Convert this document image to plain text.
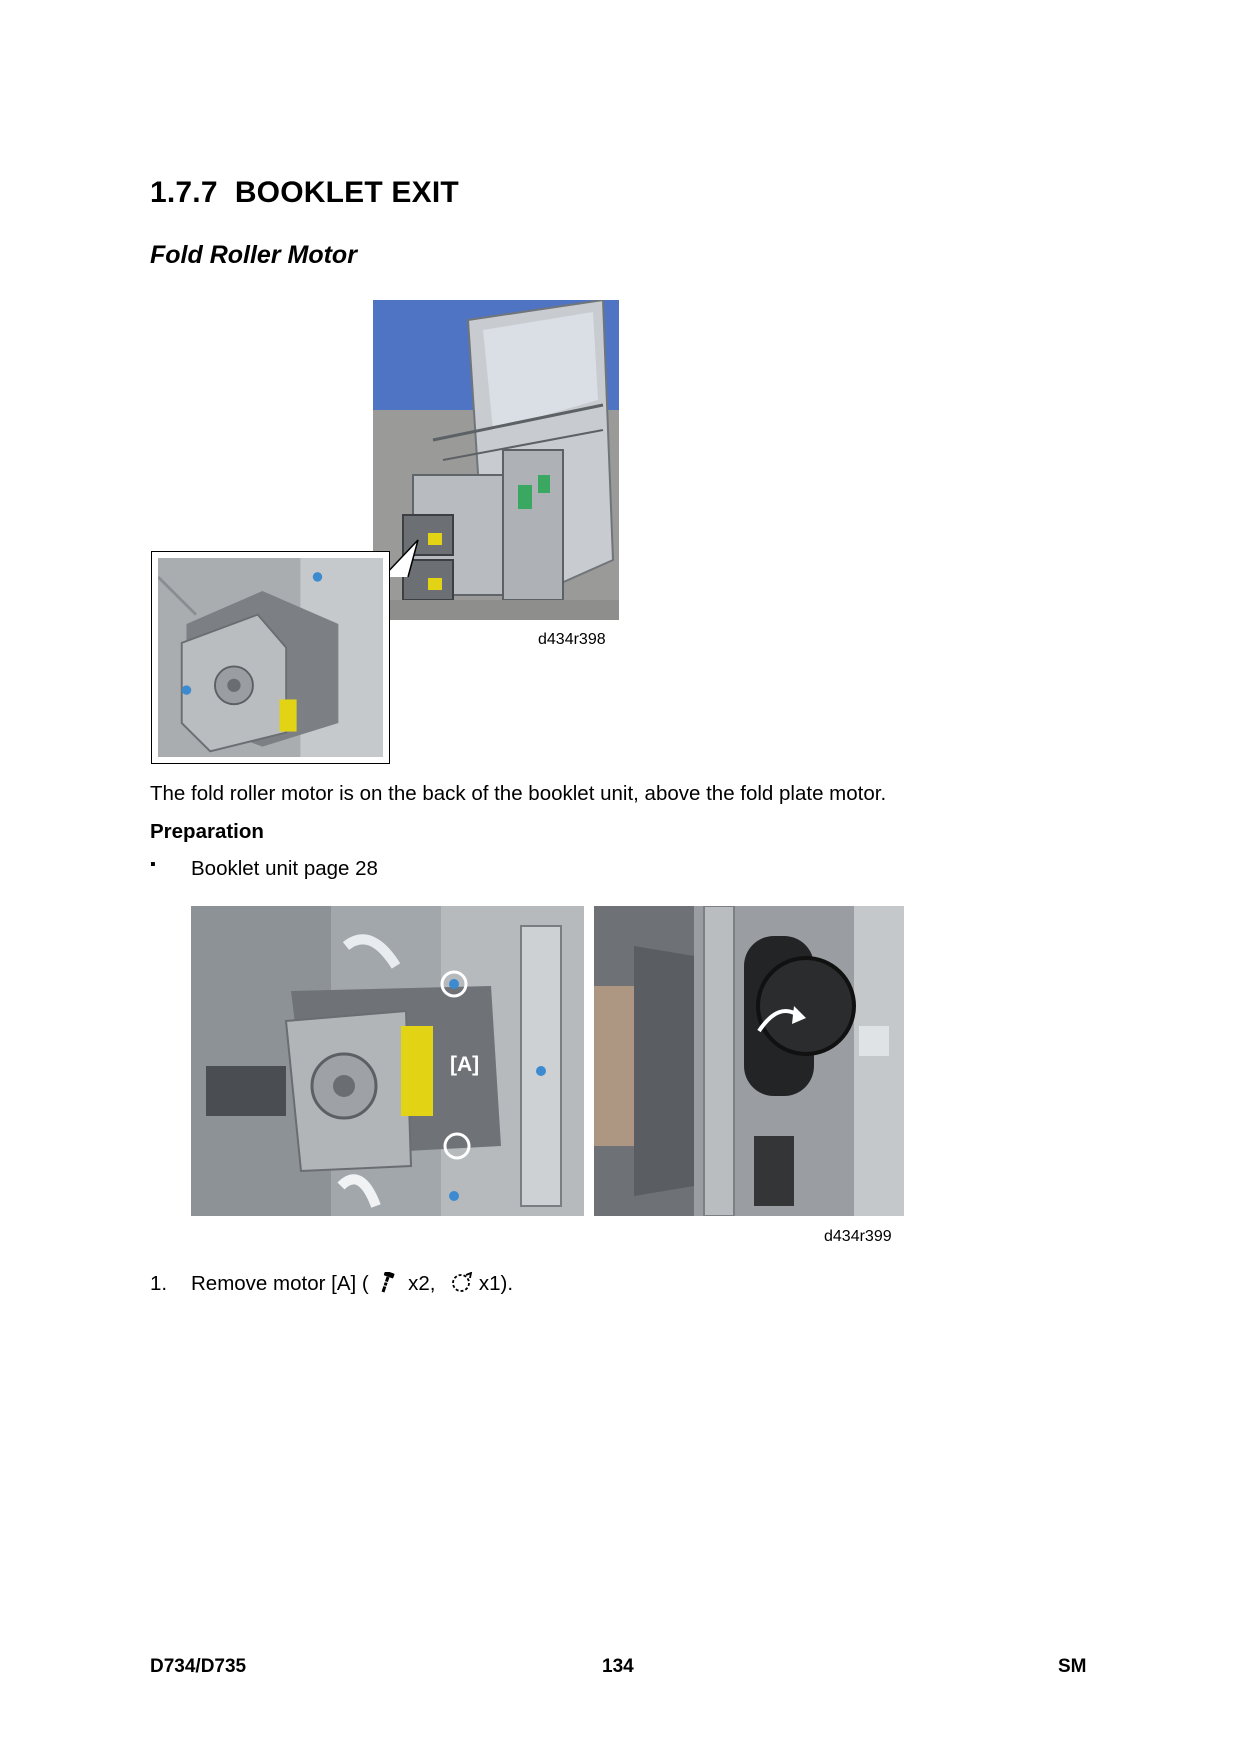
1.7.7 BOOKLET EXIT
Fold Roller Motor
d434r398

The fold roller motor is on the back of the booklet unit, above the fold plate motor.

Preparation
▪ Booklet unit page 28
[A]
d434r399
1. Remove motor [A] ( x2, x1).
D734/D735	134	SM
